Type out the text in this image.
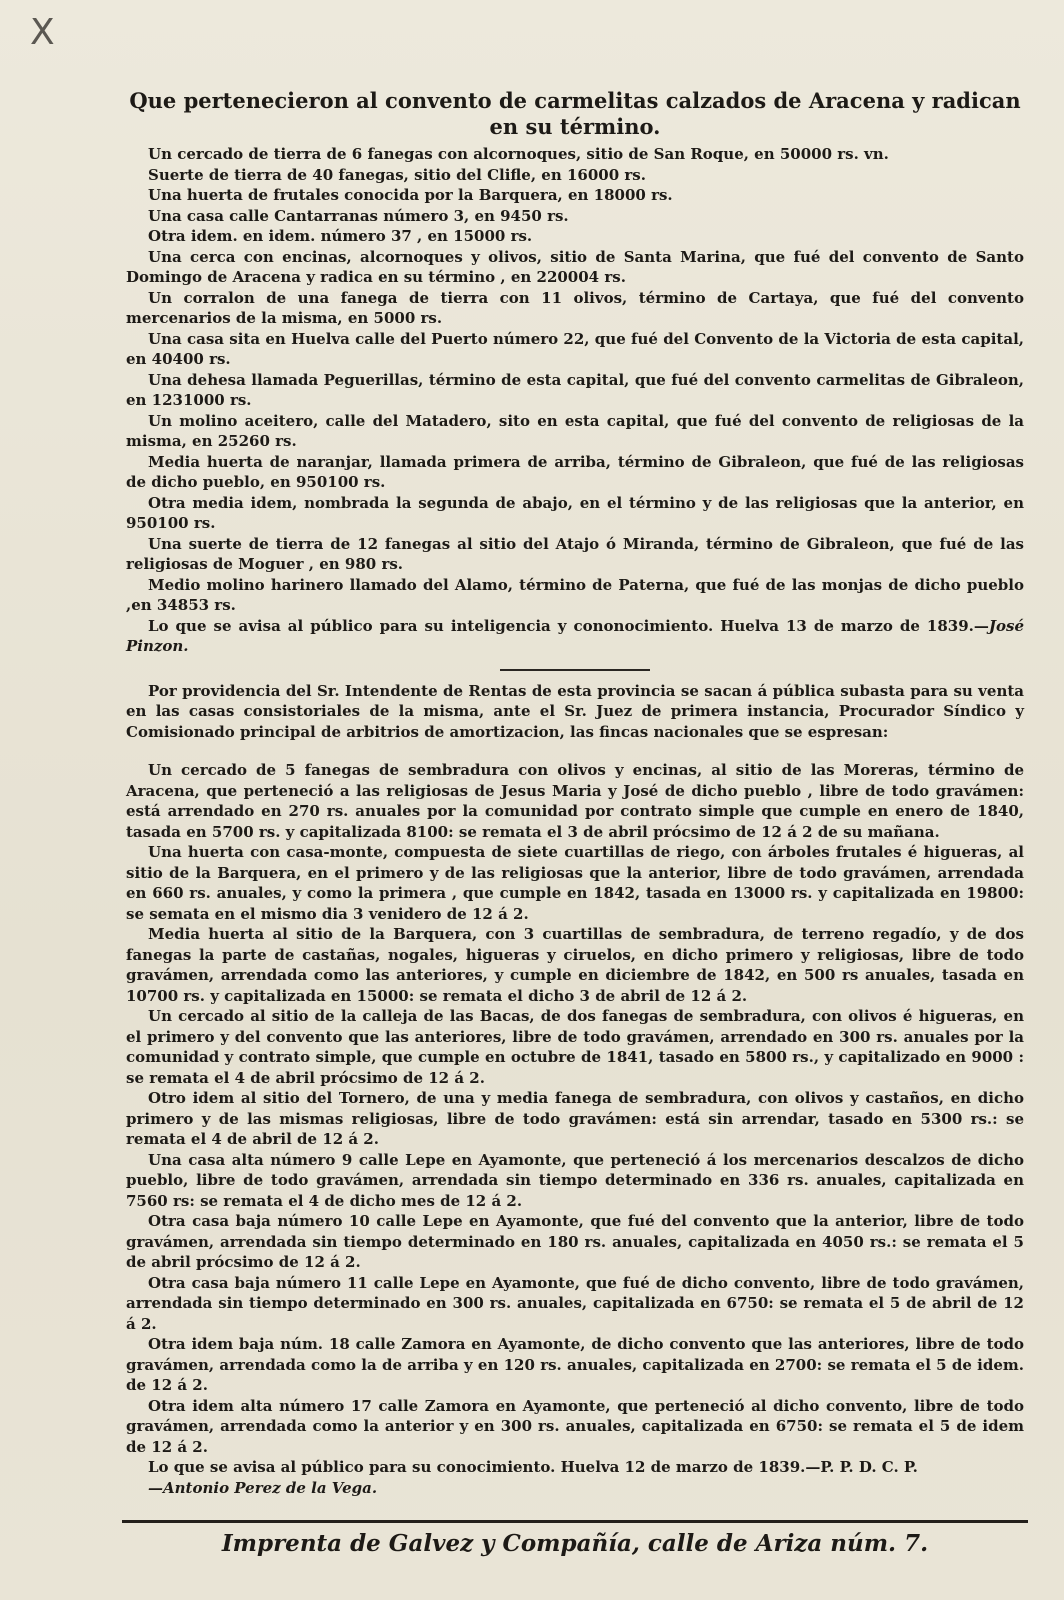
X
Que pertenecieron al convento de carmelitas calzados de Aracena y radican en su término.

Un cercado de tierra de 6 fanegas con alcornoques, sitio de San Roque, en 50000 rs. vn.

Suerte de tierra de 40 fanegas, sitio del Clifle, en 16000 rs.

Una huerta de frutales conocida por la Barquera, en 18000 rs.

Una casa calle Cantarranas número 3, en 9450 rs.

Otra idem. en idem. número 37 , en 15000 rs.

Una cerca con encinas, alcornoques y olivos, sitio de Santa Marina, que fué del convento de Santo Domingo de Aracena y radica en su término , en 220004 rs.

Un corralon de una fanega de tierra con 11 olivos, término de Cartaya, que fué del convento mercenarios de la misma, en 5000 rs.

Una casa sita en Huelva calle del Puerto número 22, que fué del Convento de la Victoria de esta capital, en 40400 rs.

Una dehesa llamada Peguerillas, término de esta capital, que fué del convento carmelitas de Gibraleon, en 1231000 rs.

Un molino aceitero, calle del Matadero, sito en esta capital, que fué del convento de religiosas de la misma, en 25260 rs.

Media huerta de naranjar, llamada primera de arriba, término de Gibraleon, que fué de las religiosas de dicho pueblo, en 950100 rs.

Otra media idem, nombrada la segunda de abajo, en el término y de las religiosas que la anterior, en 950100 rs.

Una suerte de tierra de 12 fanegas al sitio del Atajo ó Miranda, término de Gibraleon, que fué de las religiosas de Moguer , en 980 rs.

Medio molino harinero llamado del Alamo, término de Paterna, que fué de las monjas de dicho pueblo ,en 34853 rs.

Lo que se avisa al público para su inteligencia y cononocimiento. Huelva 13 de marzo de 1839.—José Pinzon.

Por providencia del Sr. Intendente de Rentas de esta provincia se sacan á pública subasta para su venta en las casas consistoriales de la misma, ante el Sr. Juez de primera instancia, Procurador Síndico y Comisionado principal de arbitrios de amortizacion, las fincas nacionales que se espresan:

Un cercado de 5 fanegas de sembradura con olivos y encinas, al sitio de las Moreras, término de Aracena, que perteneció a las religiosas de Jesus Maria y José de dicho pueblo , libre de todo gravámen: está arrendado en 270 rs. anuales por la comunidad por contrato simple que cumple en enero de 1840, tasada en 5700 rs. y capitalizada 8100: se remata el 3 de abril prócsimo de 12 á 2 de su mañana.

Una huerta con casa-monte, compuesta de siete cuartillas de riego, con árboles frutales é higueras, al sitio de la Barquera, en el primero y de las religiosas que la anterior, libre de todo gravámen, arrendada en 660 rs. anuales, y como la primera , que cumple en 1842, tasada en 13000 rs. y capitalizada en 19800: se semata en el mismo dia 3 venidero de 12 á 2.

Media huerta al sitio de la Barquera, con 3 cuartillas de sembradura, de terreno regadío, y de dos fanegas la parte de castañas, nogales, higueras y ciruelos, en dicho primero y religiosas, libre de todo gravámen, arrendada como las anteriores, y cumple en diciembre de 1842, en 500 rs anuales, tasada en 10700 rs. y capitalizada en 15000: se remata el dicho 3 de abril de 12 á 2.

Un cercado al sitio de la calleja de las Bacas, de dos fanegas de sembradura, con olivos é higueras, en el primero y del convento que las anteriores, libre de todo gravámen, arrendado en 300 rs. anuales por la comunidad y contrato simple, que cumple en octubre de 1841, tasado en 5800 rs., y capitalizado en 9000 : se remata el 4 de abril prócsimo de 12 á 2.

Otro idem al sitio del Tornero, de una y media fanega de sembradura, con olivos y castaños, en dicho primero y de las mismas religiosas, libre de todo gravámen: está sin arrendar, tasado en 5300 rs.: se remata el 4 de abril de 12 á 2.

Una casa alta número 9 calle Lepe en Ayamonte, que perteneció á los mercenarios descalzos de dicho pueblo, libre de todo gravámen, arrendada sin tiempo determinado en 336 rs. anuales, capitalizada en 7560 rs: se remata el 4 de dicho mes de 12 á 2.

Otra casa baja número 10 calle Lepe en Ayamonte, que fué del convento que la anterior, libre de todo gravámen, arrendada sin tiempo determinado en 180 rs. anuales, capitalizada en 4050 rs.: se remata el 5 de abril prócsimo de 12 á 2.

Otra casa baja número 11 calle Lepe en Ayamonte, que fué de dicho convento, libre de todo gravámen, arrendada sin tiempo determinado en 300 rs. anuales, capitalizada en 6750: se remata el 5 de abril de 12 á 2.

Otra idem baja núm. 18 calle Zamora en Ayamonte, de dicho convento que las anteriores, libre de todo gravámen, arrendada como la de arriba y en 120 rs. anuales, capitalizada en 2700: se remata el 5 de idem. de 12 á 2.

Otra idem alta número 17 calle Zamora en Ayamonte, que perteneció al dicho convento, libre de todo gravámen, arrendada como la anterior y en 300 rs. anuales, capitalizada en 6750: se remata el 5 de idem de 12 á 2.

Lo que se avisa al público para su conocimiento. Huelva 12 de marzo de 1839.—P. P. D. C. P.

—Antonio Perez de la Vega.

Imprenta de Galvez y Compañía, calle de Ariza núm. 7.
